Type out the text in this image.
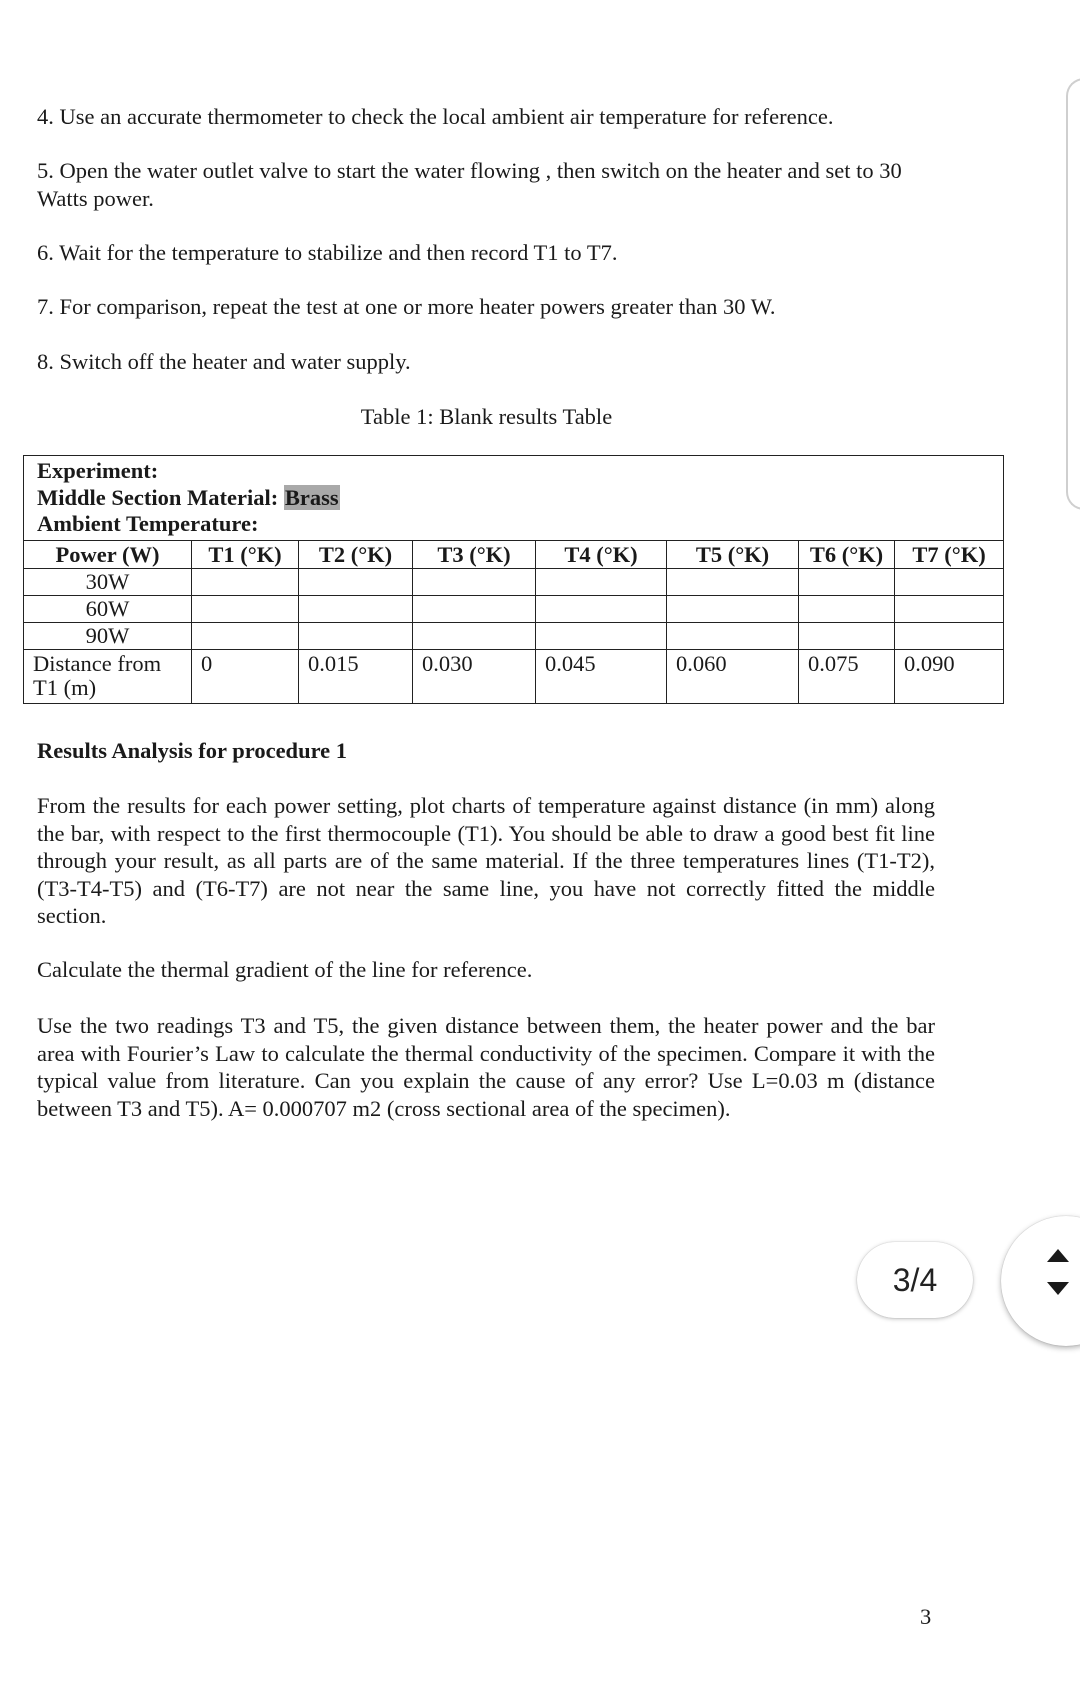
4. Use an accurate thermometer to check the local ambient air temperature for reference.
5. Open the water outlet valve to start the water flowing , then switch on the heater and set to 30 Watts power.
6. Wait for the temperature to stabilize and then record T1 to T7.
7. For comparison, repeat the test at one or more heater powers greater than 30 W.
8. Switch off the heater and water supply.
Table 1: Blank results Table
Experiment:
Middle Section Material: Brass
Ambient Temperature:							

Power (W)	T1 (°K)	T2 (°K)	T3 (°K)	T4 (°K)	T5 (°K)	T6 (°K)	T7 (°K)
30W							
60W							
90W							
Distance from T1 (m)	0	0.015	0.030	0.045	0.060	0.075	0.090
Results Analysis for procedure 1
From the results for each power setting, plot charts of temperature against distance (in mm) along the bar, with respect to the first thermocouple (T1). You should be able to draw a good best fit line through your result, as all parts are of the same material. If the three temperatures lines (T1-T2), (T3-T4-T5) and (T6-T7) are not near the same line, you have not correctly fitted the middle section.
Calculate the thermal gradient of the line for reference.
Use the two readings T3 and T5, the given distance between them, the heater power and the bar area with Fourier’s Law to calculate the thermal conductivity of the specimen. Compare it with the typical value from literature. Can you explain the cause of any error? Use L=0.03 m (distance between T3 and T5). A= 0.000707 m2 (cross sectional area of the specimen).
3
3/4
